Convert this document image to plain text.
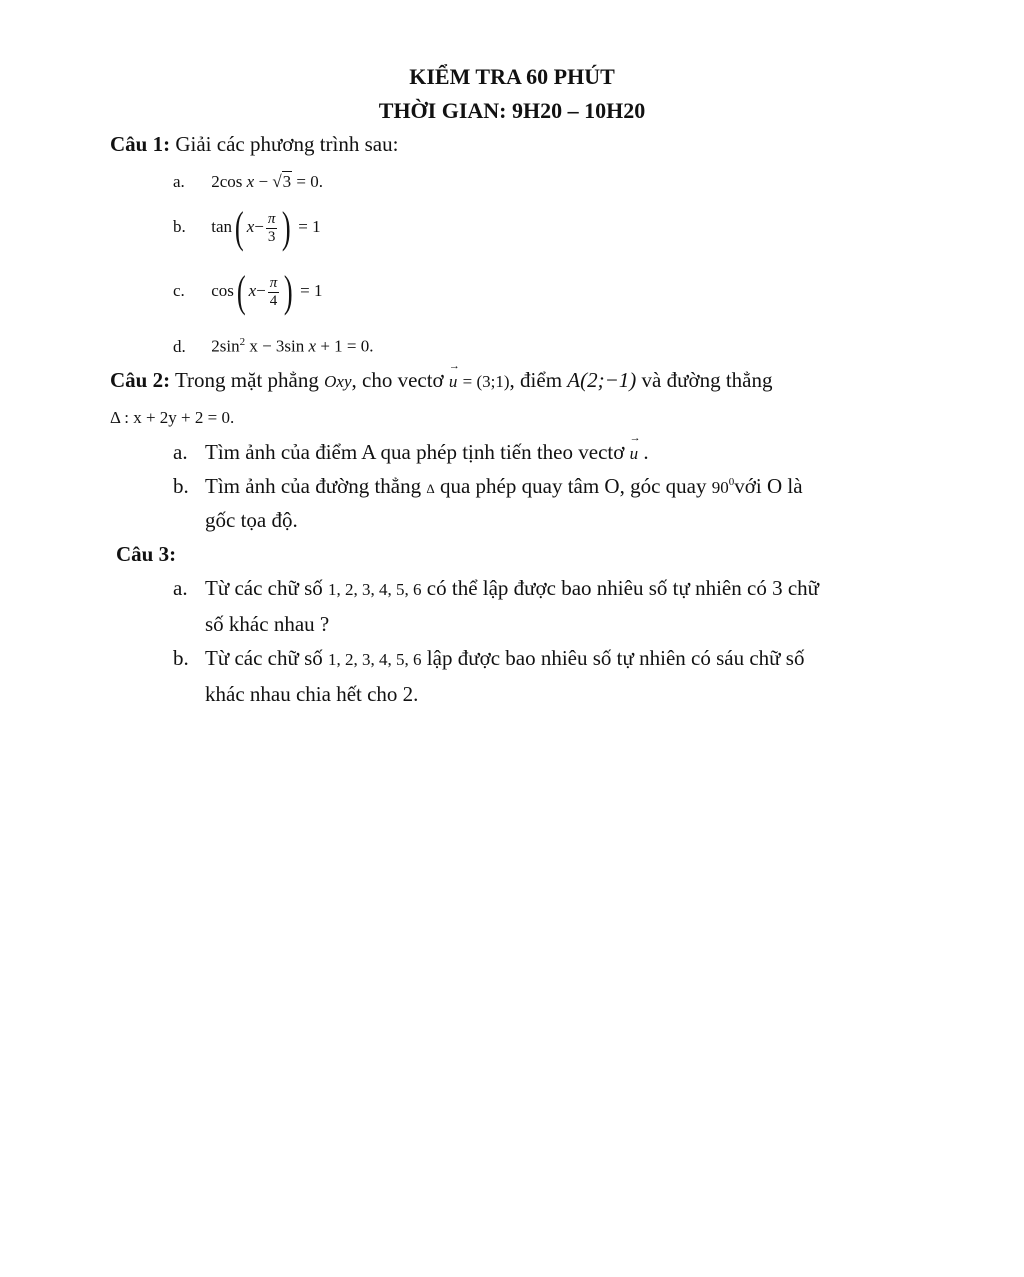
KIỂM TRA 60 PHÚT
THỜI GIAN: 9H20 – 10H20
Câu 1: Giải các phương trình sau:
a. 2cos x − √3 = 0.
b. tan( $x- \frac{\pi}{3}$ ) = 1
c. cos( $x- \frac{\pi}{4}$ ) = 1
d. $2\sin^2$ x − 3sin x + 1 = 0.
Câu 2: Trong mặt phẳng Oxy, cho vectơ → u = (3;1), điểm A(2;−1) và đường thẳng
Δ : x + 2y + 2 = 0.
a. Tìm ảnh của điểm A qua phép tịnh tiến theo vectơ → u .
b. Tìm ảnh của đường thẳng Δ qua phép quay tâm O, góc quay $90^0với$ O là
gốc tọa độ.
Câu 3:
a. Từ các chữ số 1, 2, 3, 4, 5, 6 có thể lập được bao nhiêu số tự nhiên có 3 chữ
số khác nhau ?
b. Từ các chữ số 1, 2, 3, 4, 5, 6 lập được bao nhiêu số tự nhiên có sáu chữ số
khác nhau chia hết cho 2.
